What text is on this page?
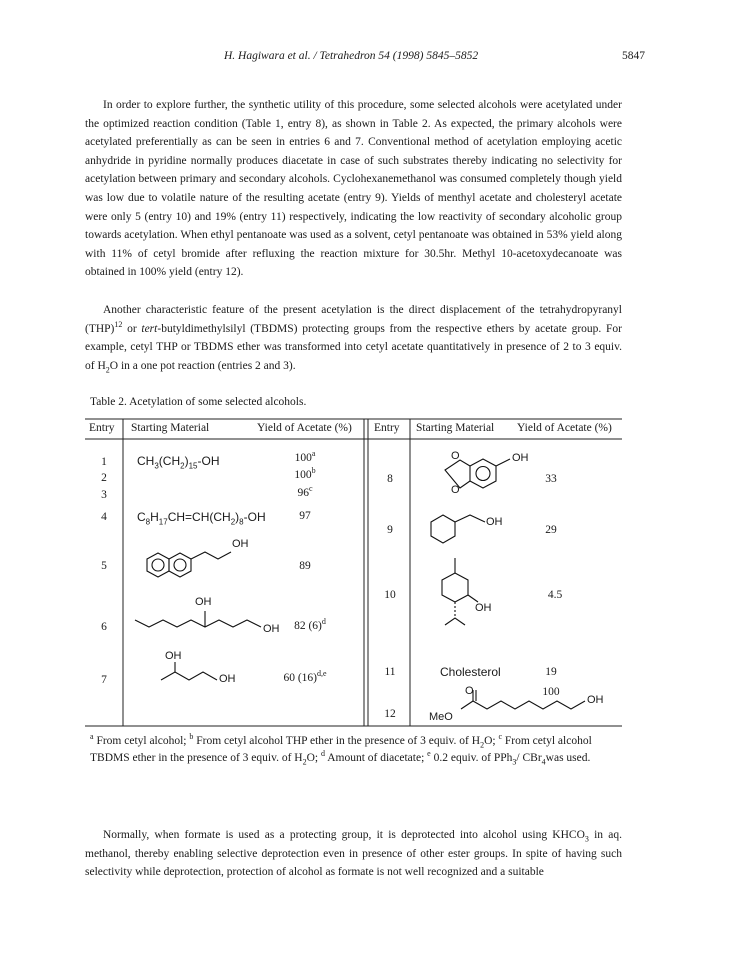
H. Hagiwara et al. / Tetrahedron 54 (1998) 5845–5852	5847

In order to explore further, the synthetic utility of this procedure, some selected alcohols were acetylated under the optimized reaction condition (Table 1, entry 8), as shown in Table 2. As expected, the primary alcohols were acetylated preferentially as can be seen in entries 6 and 7. Conventional method of acetylation employing acetic anhydride in pyridine normally produces diacetate in case of such substrates thereby indicating no selectivity for acetylation between primary and secondary alcohols. Cyclohexanemethanol was consumed completely though yield was low due to volatile nature of the resulting acetate (entry 9). Yields of menthyl acetate and cholesteryl acetate were only 5 (entry 10) and 19% (entry 11) respectively, indicating the low reactivity of secondary alcoholic group towards acetylation. When ethyl pentanoate was used as a solvent, cetyl pentanoate was obtained in 53% yield along with 11% of cetyl bromide after refluxing the reaction mixture for 30.5hr. Methyl 10-acetoxydecanoate was obtained in 100% yield (entry 12).

Another characteristic feature of the present acetylation is the direct displacement of the tetrahydropyranyl (THP)$^{12}$ or tert-butyldimethylsilyl (TBDMS) protecting groups from the respective ethers by acetate group. For example, cetyl THP or TBDMS ether was transformed into cetyl acetate quantitatively in presence of 2 to 3 equiv. of $H_2O$ in a one pot reaction (entries 2 and 3).

Table 2. Acetylation of some selected alcohols.
Entry Starting Material	Yield of Acetate (%) Entry Starting Material Yield of Acetate (%)
1
2
3
4
5
6
7
$CH_3(CH_2)_{15}-OH$
$C_8H_{17}CH=CH(CH_2)_8-OH$
OH
OH
OH
OH
OH
100$^a$
100$^b$
96$^c$
97
89
82 $(6)^d$
60 $(16)^{d,e}$
8
9
10
11
12
O
O
OH
OH
OH
Cholesterol
O
MeO
OH
33
29
4.5
19
100
$^a$ From cetyl alcohol; $^b$ From cetyl alcohol THP ether in the presence of 3 equiv. of $H_2O$; $^c$ From cetyl alcohol TBDMS ether in the presence of 3 equiv. of $H_2O$; $^d$ Amount of diacetate; $^e$ 0.2 equiv. of PPh$_3$/ CBr$_4$was used.

Normally, when formate is used as a protecting group, it is deprotected into alcohol using $KHCO_3$ in aq. methanol, thereby enabling selective deprotection even in presence of other ester groups. In spite of having such selectivity while deprotection, protection of alcohol as formate is not well recognized and a suitable
